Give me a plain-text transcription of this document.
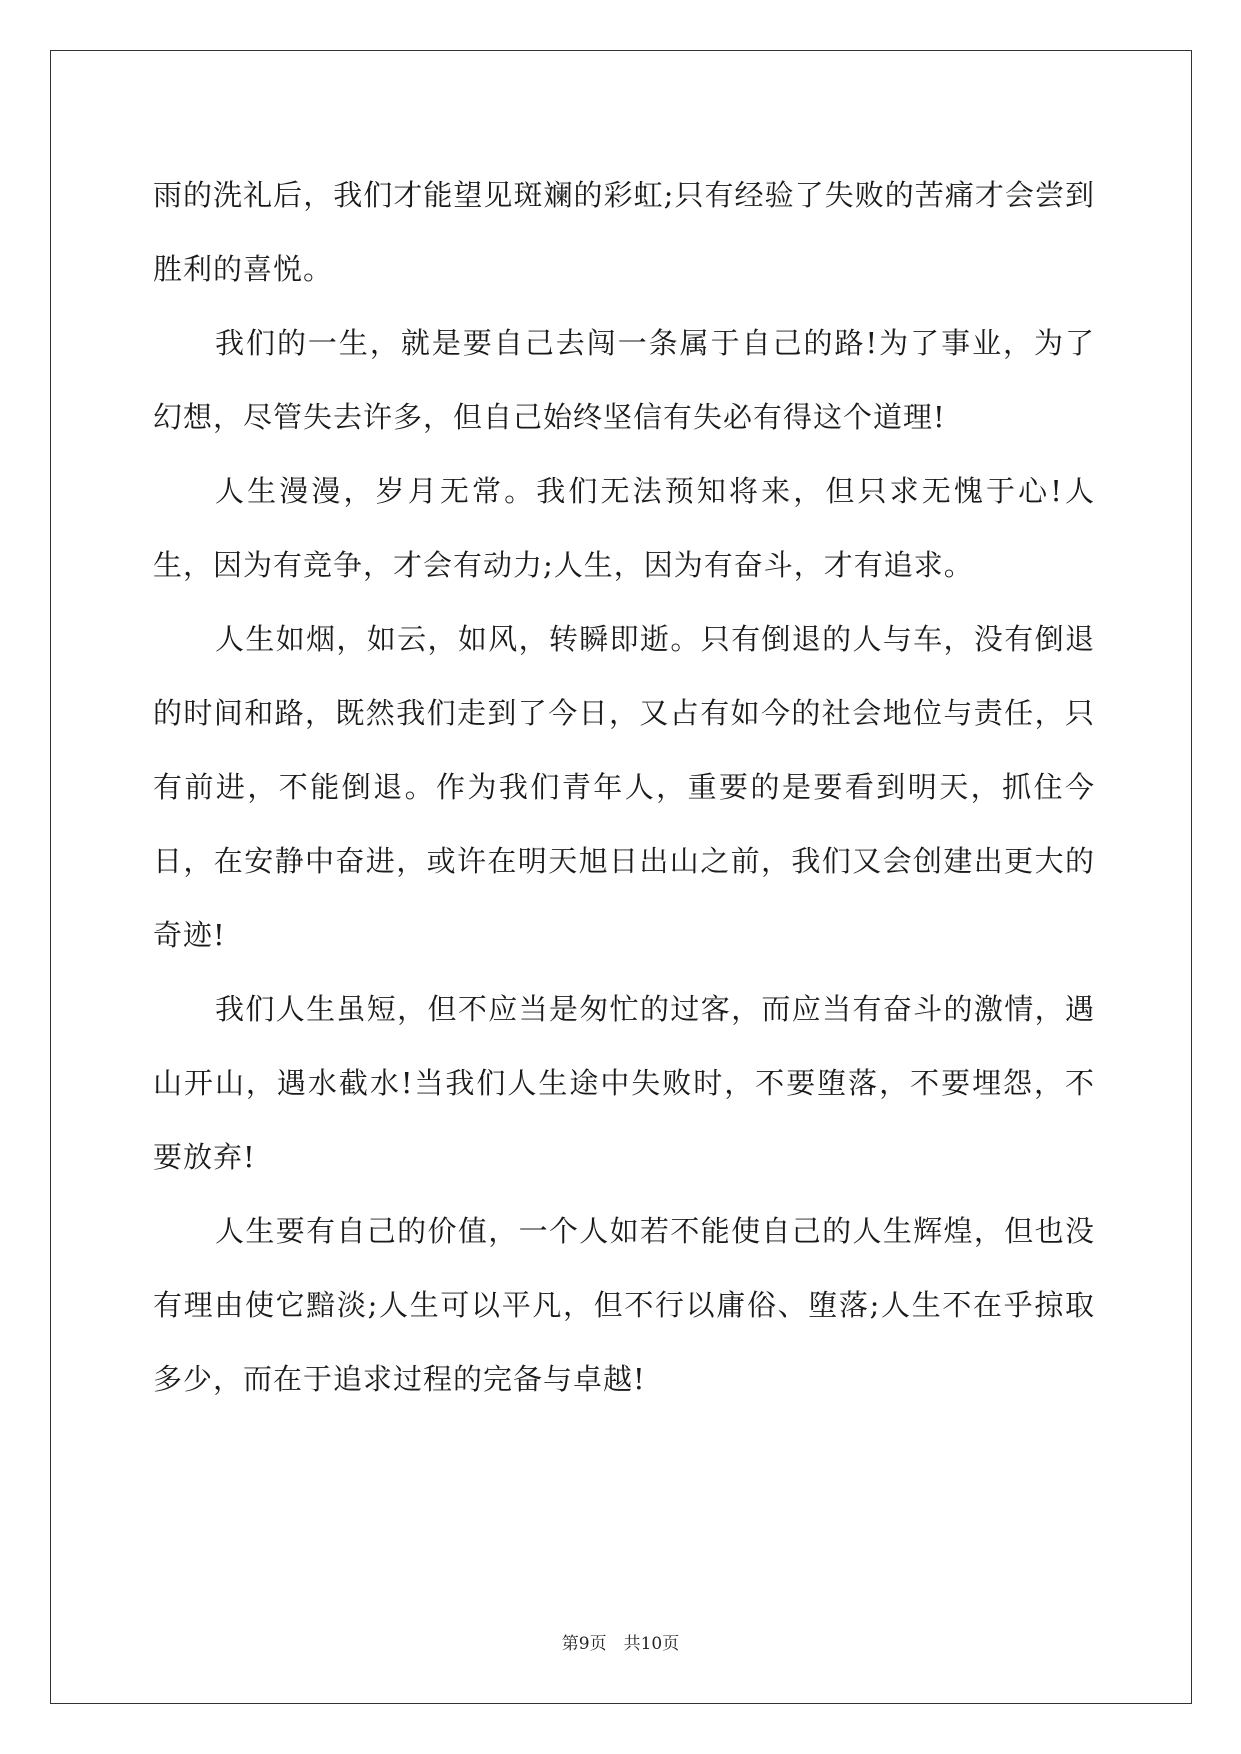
雨的洗礼后，我们才能望见斑斓的彩虹;只有经验了失败的苦痛才会尝到胜利的喜悦。

我们的一生，就是要自己去闯一条属于自己的路!为了事业，为了幻想，尽管失去许多，但自己始终坚信有失必有得这个道理!

人生漫漫，岁月无常。我们无法预知将来，但只求无愧于心!人生，因为有竞争，才会有动力;人生，因为有奋斗，才有追求。

人生如烟，如云，如风，转瞬即逝。只有倒退的人与车，没有倒退的时间和路，既然我们走到了今日，又占有如今的社会地位与责任，只有前进，不能倒退。作为我们青年人，重要的是要看到明天，抓住今日，在安静中奋进，或许在明天旭日出山之前，我们又会创建出更大的奇迹!

我们人生虽短，但不应当是匆忙的过客，而应当有奋斗的激情，遇山开山，遇水截水!当我们人生途中失败时，不要堕落，不要埋怨，不要放弃!

人生要有自己的价值，一个人如若不能使自己的人生辉煌，但也没有理由使它黯淡;人生可以平凡，但不行以庸俗、堕落;人生不在乎掠取多少，而在于追求过程的完备与卓越!

第9页　共10页
